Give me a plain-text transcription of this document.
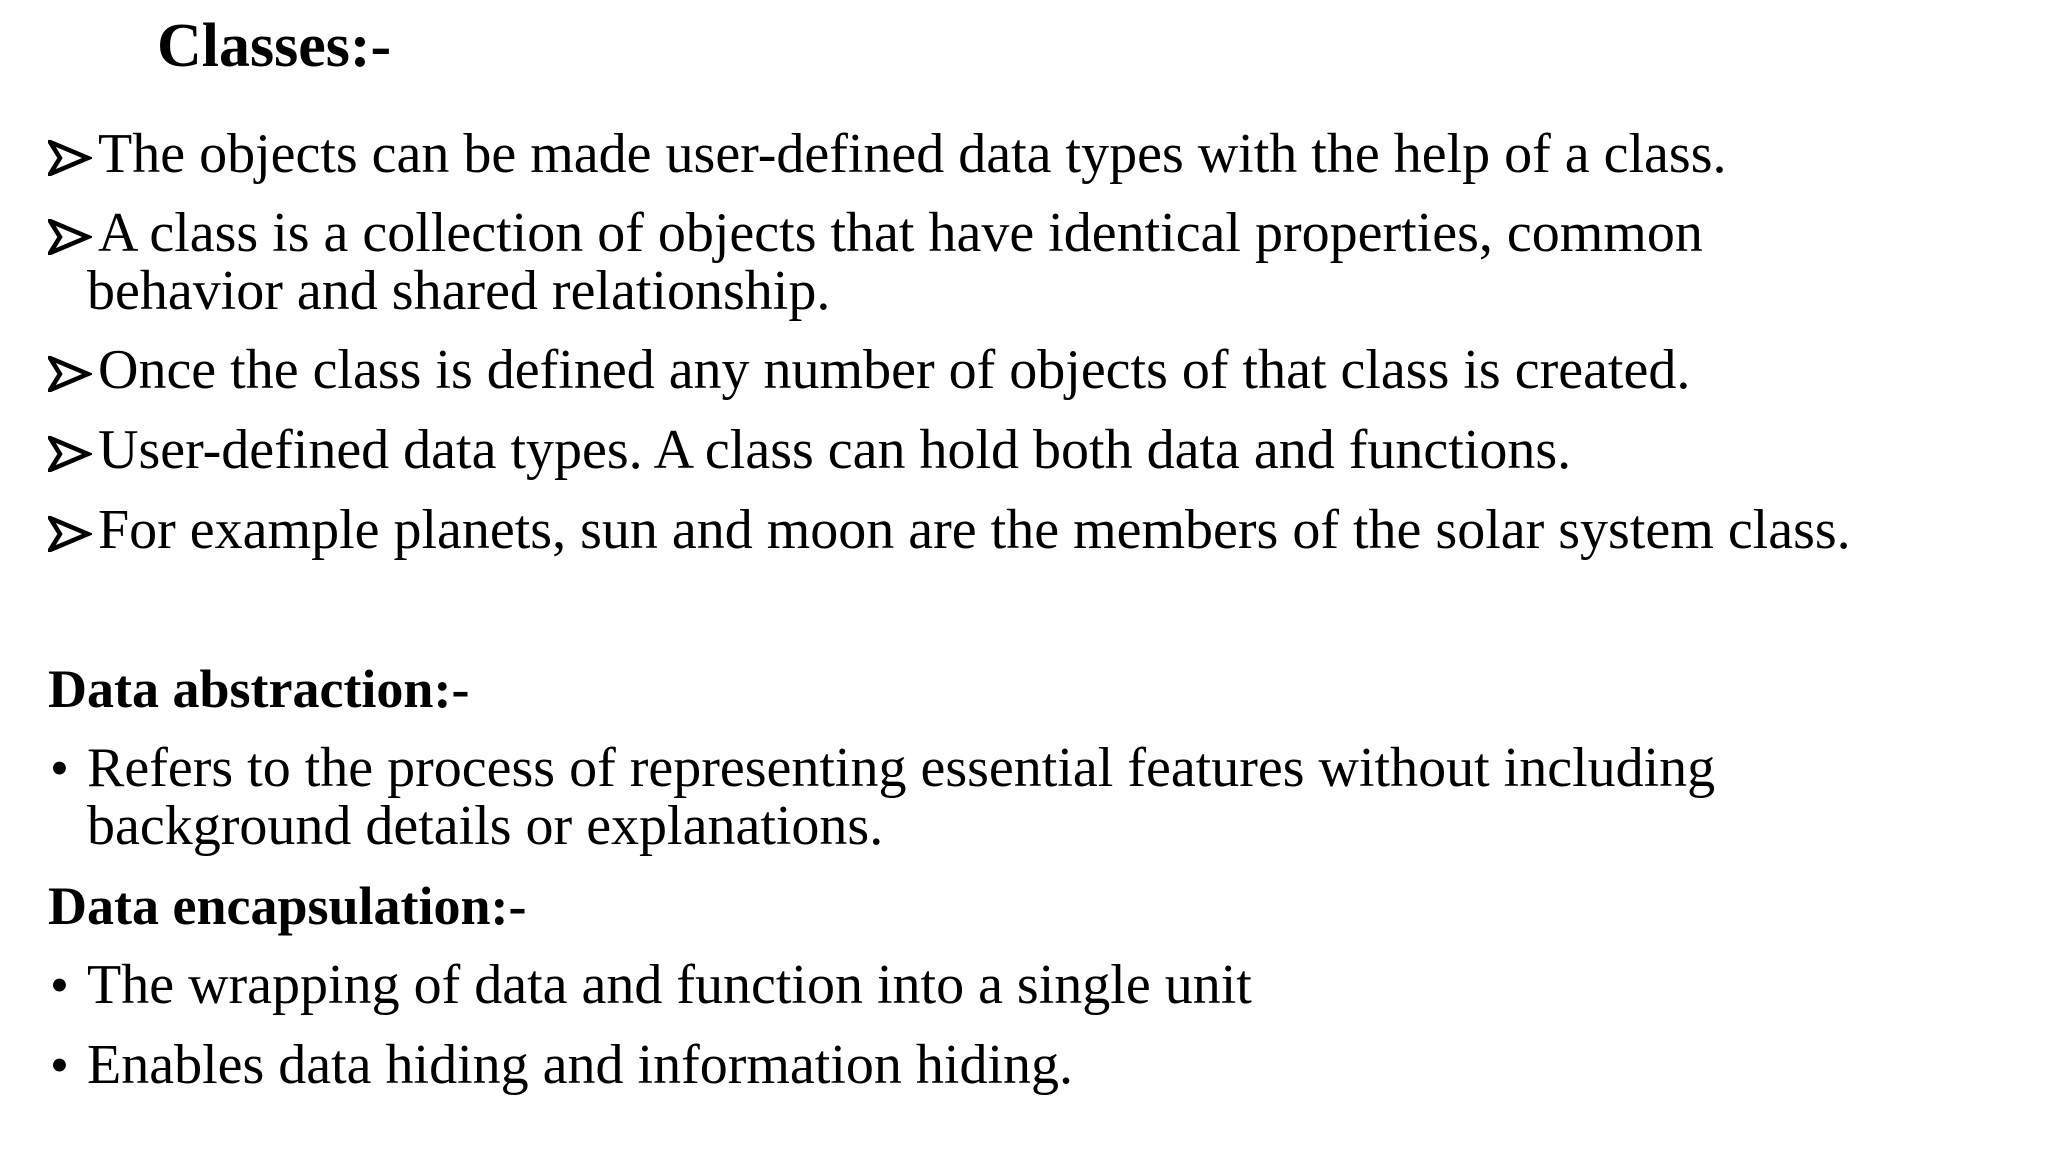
Classes:-
The objects can be made user-defined data types with the help of a class.
A class is a collection of objects that have identical properties, common
behavior and shared relationship.
Once the class is defined any number of objects of that class is created.
User-defined data types. A class can hold both data and functions.
For example planets, sun and moon are the members of the solar system class.
Data abstraction:-
• Refers to the process of representing essential features without including
background details or explanations.
Data encapsulation:-
• The wrapping of data and function into a single unit
• Enables data hiding and information hiding.
